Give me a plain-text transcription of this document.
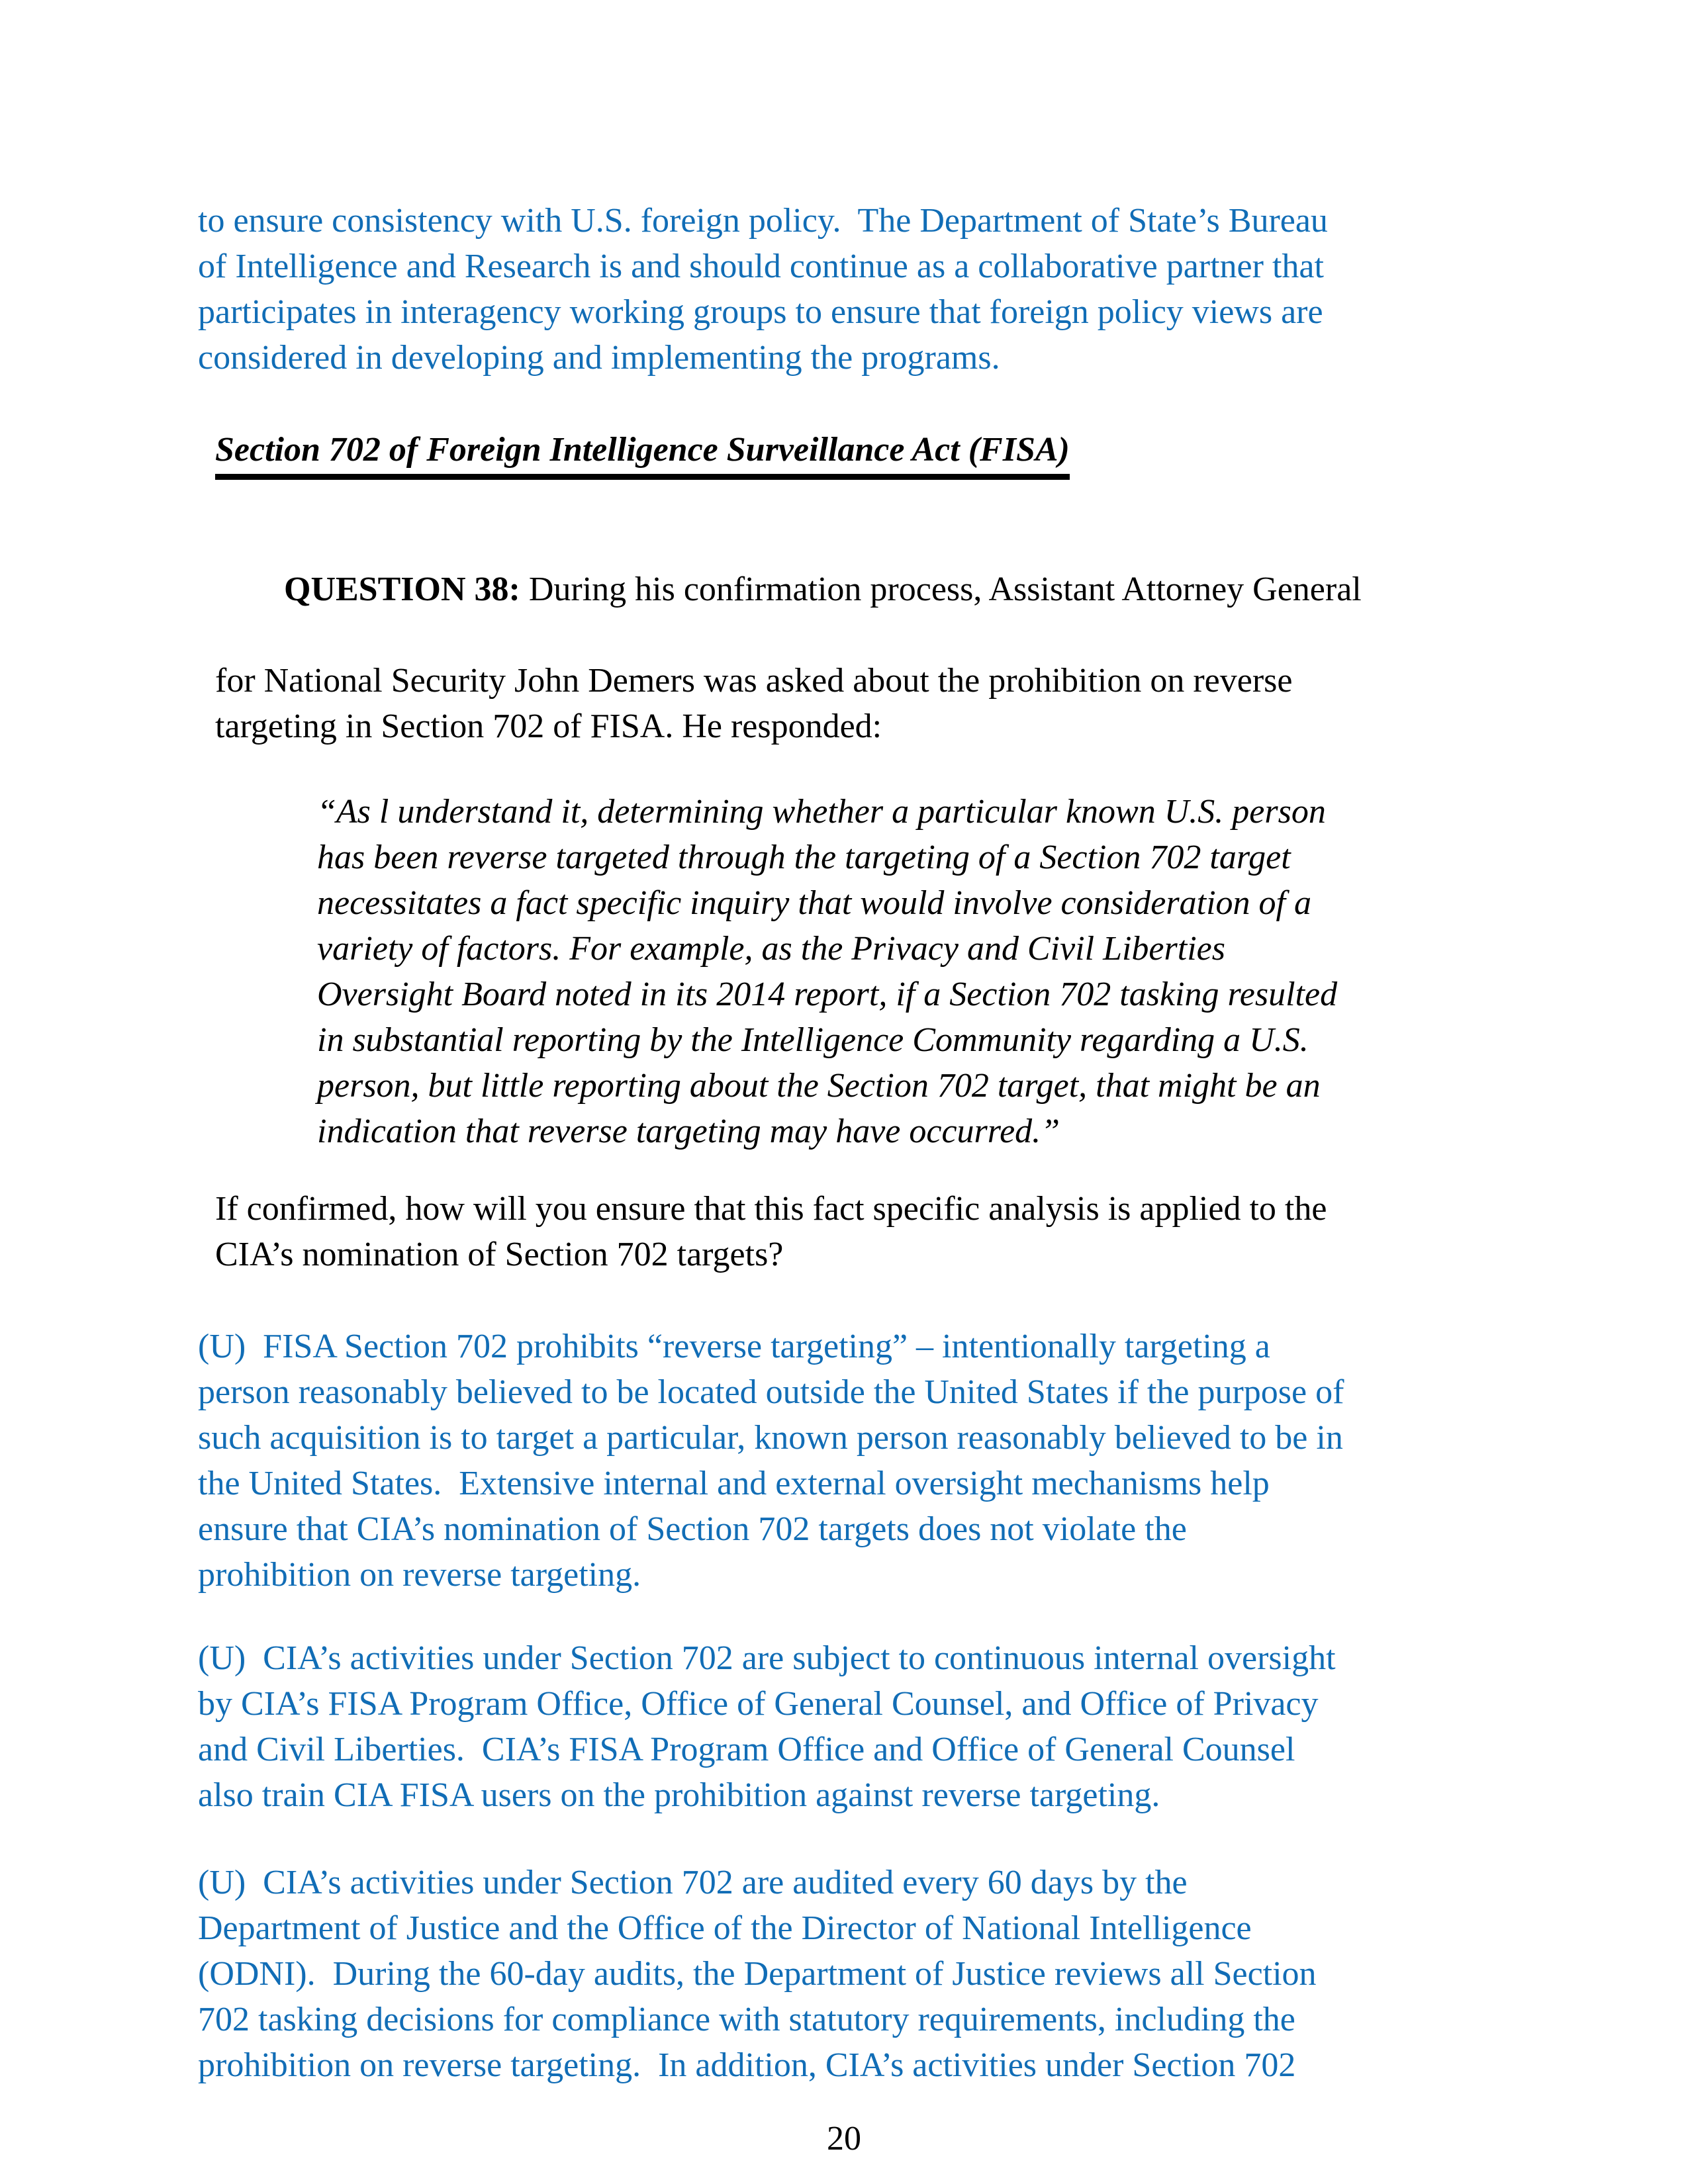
to ensure consistency with U.S. foreign policy.  The Department of State’s Bureau
of Intelligence and Research is and should continue as a collaborative partner that
participates in interagency working groups to ensure that foreign policy views are
considered in developing and implementing the programs.
Section 702 of Foreign Intelligence Surveillance Act (FISA)

QUESTION 38: During his confirmation process, Assistant Attorney General

for National Security John Demers was asked about the prohibition on reverse
targeting in Section 702 of FISA. He responded:
“As l understand it, determining whether a particular known U.S. person
has been reverse targeted through the targeting of a Section 702 target
necessitates a fact specific inquiry that would involve consideration of a
variety of factors. For example, as the Privacy and Civil Liberties
Oversight Board noted in its 2014 report, if a Section 702 tasking resulted
in substantial reporting by the Intelligence Community regarding a U.S.
person, but little reporting about the Section 702 target, that might be an
indication that reverse targeting may have occurred.”
If confirmed, how will you ensure that this fact specific analysis is applied to the
CIA’s nomination of Section 702 targets?
(U)  FISA Section 702 prohibits “reverse targeting” – intentionally targeting a
person reasonably believed to be located outside the United States if the purpose of
such acquisition is to target a particular, known person reasonably believed to be in
the United States.  Extensive internal and external oversight mechanisms help
ensure that CIA’s nomination of Section 702 targets does not violate the
prohibition on reverse targeting.
(U)  CIA’s activities under Section 702 are subject to continuous internal oversight
by CIA’s FISA Program Office, Office of General Counsel, and Office of Privacy
and Civil Liberties.  CIA’s FISA Program Office and Office of General Counsel
also train CIA FISA users on the prohibition against reverse targeting.
(U)  CIA’s activities under Section 702 are audited every 60 days by the
Department of Justice and the Office of the Director of National Intelligence
(ODNI).  During the 60-day audits, the Department of Justice reviews all Section
702 tasking decisions for compliance with statutory requirements, including the
prohibition on reverse targeting.  In addition, CIA’s activities under Section 702
20
